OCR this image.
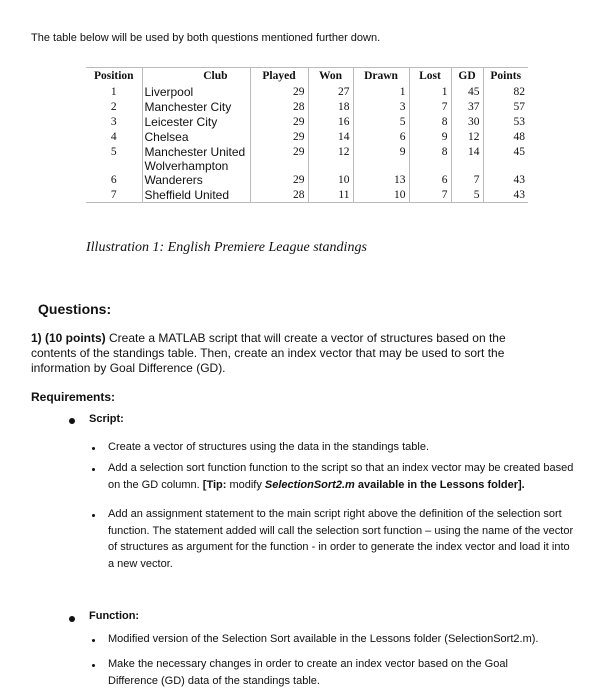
The table below will be used by both questions mentioned further down.
Position	Club	Played	Won	Drawn	Lost	GD	Points
1	Liverpool	29	27	1	1	45	82
2	Manchester City	28	18	3	7	37	57
3	Leicester City	29	16	5	8	30	53
4	Chelsea	29	14	6	9	12	48
5	Manchester United	29	12	9	8	14	45
6	Wolverhampton Wanderers	29	10	13	6	7	43
7	Sheffield United	28	11	10	7	5	43
Illustration 1: English Premiere League standings
Questions:
1) (10 points) Create a MATLAB script that will create a vector of structures based on the contents of the standings table. Then, create an index vector that may be used to sort the information by Goal Difference (GD).
Requirements:
Script:
Create a vector of structures using the data in the standings table.
Add a selection sort function function to the script so that an index vector may be created based on the GD column. [Tip: modify SelectionSort2.m available in the Lessons folder].
Add an assignment statement to the main script right above the definition of the selection sort function. The statement added will call the selection sort function – using the name of the vector of structures as argument for the function - in order to generate the index vector and load it into a new vector.
Function:
Modified version of the Selection Sort available in the Lessons folder (SelectionSort2.m).
Make the necessary changes in order to create an index vector based on the Goal Difference (GD) data of the standings table.
